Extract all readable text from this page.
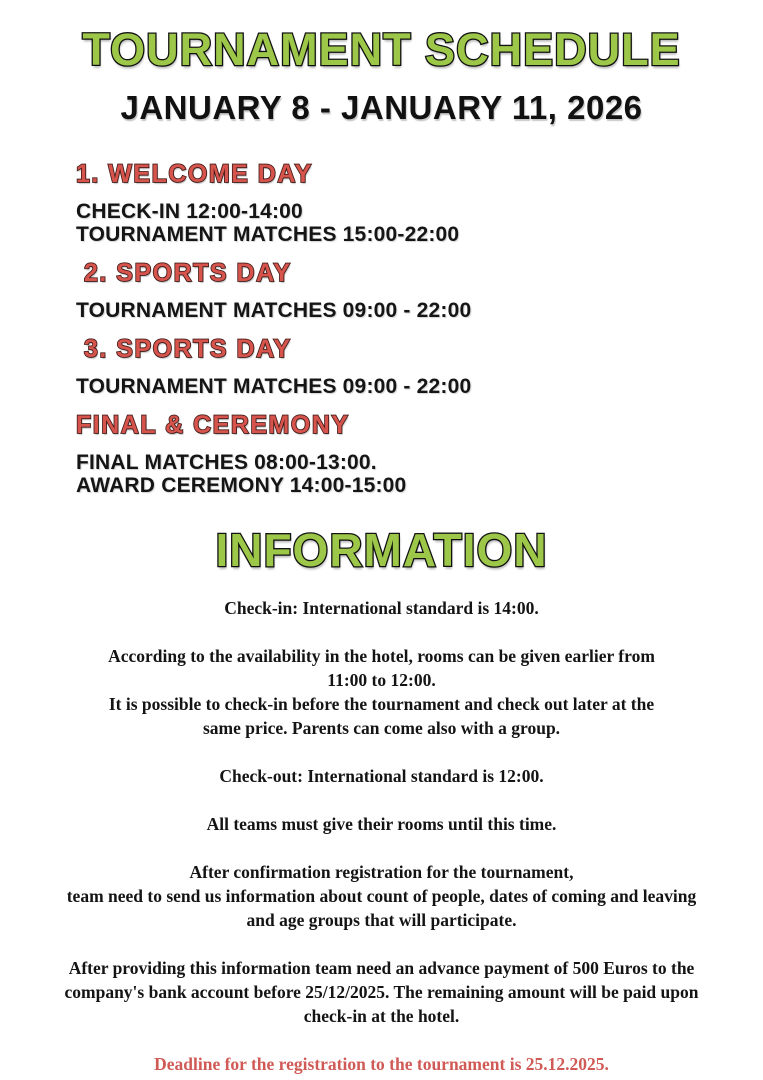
TOURNAMENT SCHEDULE
JANUARY 8 - JANUARY 11, 2026
1. WELCOME DAY
CHECK-IN 12:00-14:00
TOURNAMENT MATCHES 15:00-22:00
2. SPORTS DAY
TOURNAMENT MATCHES 09:00 - 22:00
3. SPORTS DAY
TOURNAMENT MATCHES 09:00 - 22:00
FINAL & CEREMONY
FINAL MATCHES 08:00-13:00.
AWARD CEREMONY 14:00-15:00
INFORMATION
Check-in: International standard is 14:00.
According to the availability in the hotel, rooms can be given earlier from
11:00 to 12:00.
It is possible to check-in before the tournament and check out later at the
same price. Parents can come also with a group.
Check-out: International standard is 12:00.
All teams must give their rooms until this time.
After confirmation registration for the tournament,
team need to send us information about count of people, dates of coming and leaving
and age groups that will participate.
After providing this information team need an advance payment of 500 Euros to the
company's bank account before 25/12/2025. The remaining amount will be paid upon
check-in at the hotel.

Deadline for the registration to the tournament is 25.12.2025.
